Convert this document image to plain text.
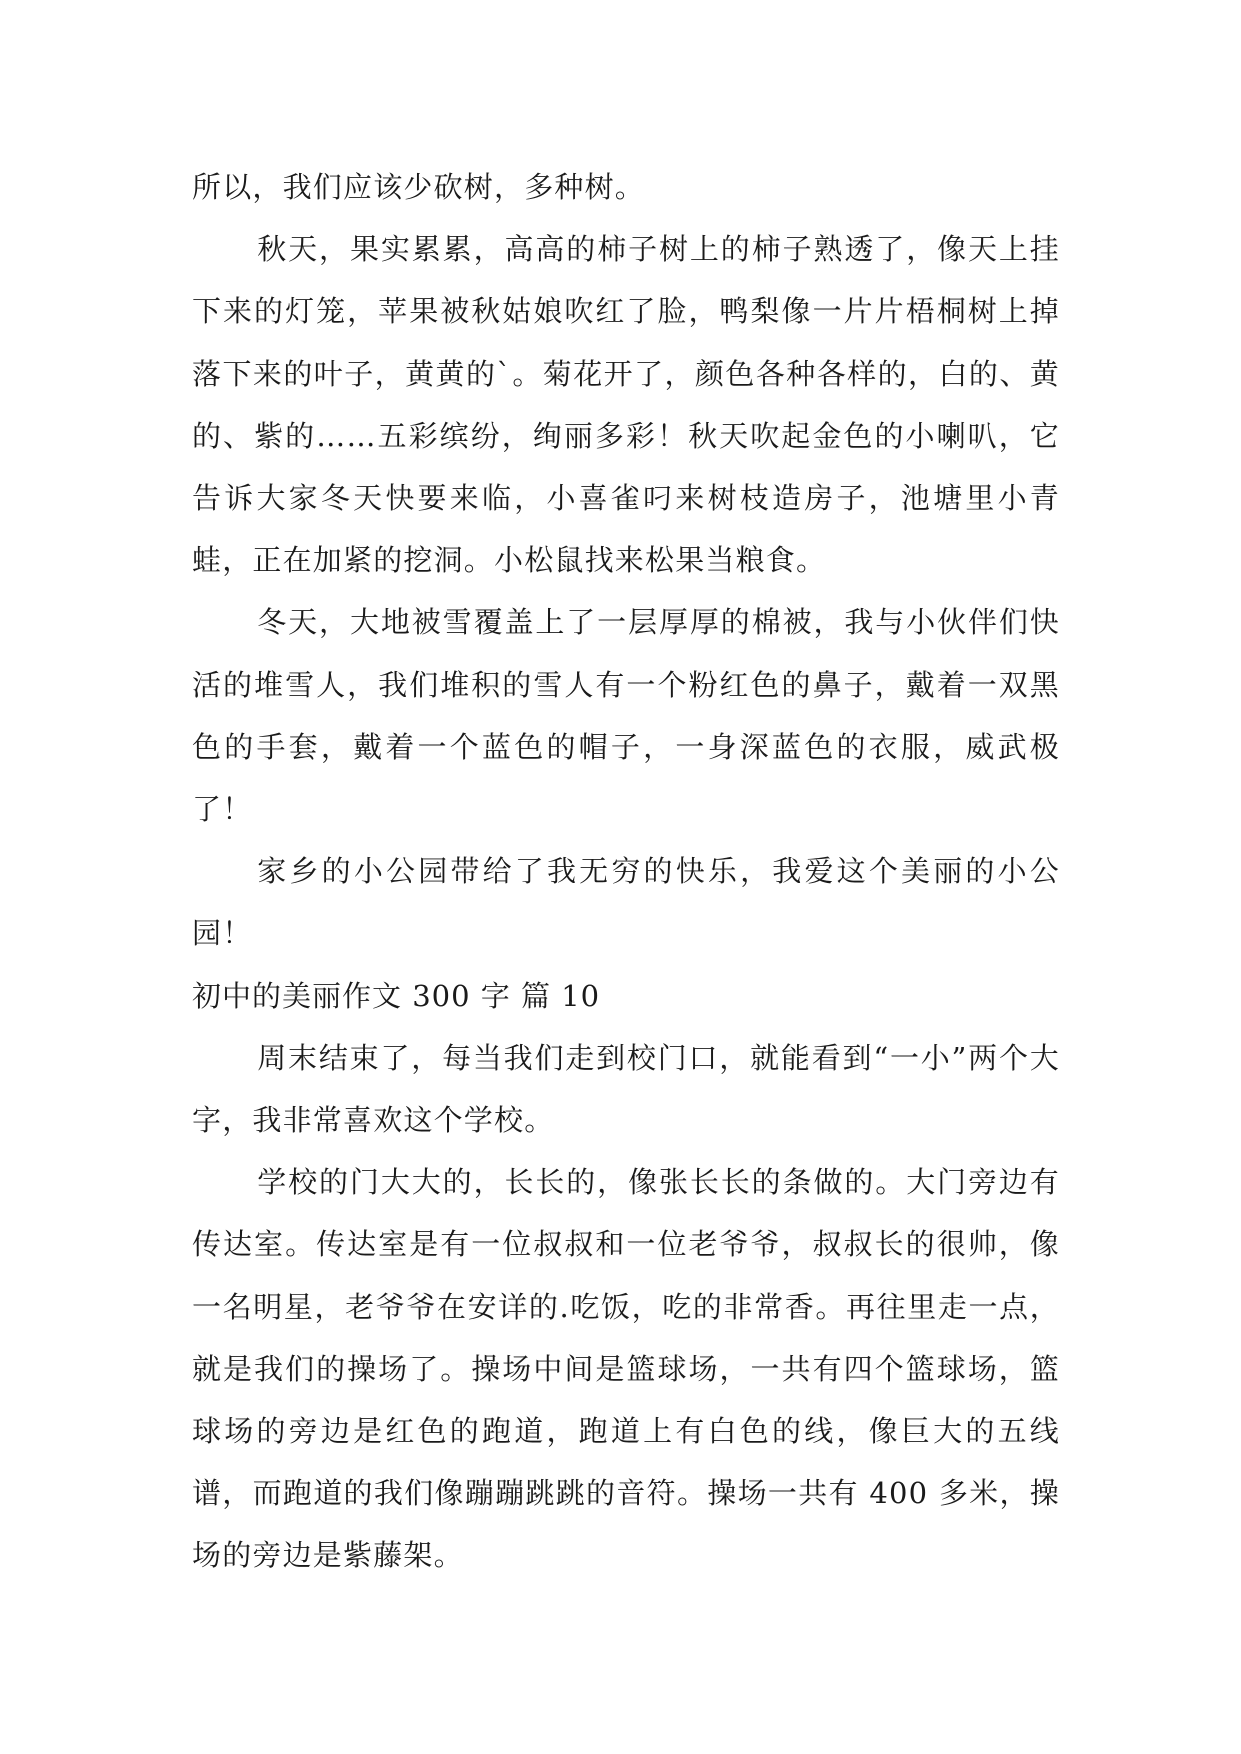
所以，我们应该少砍树，多种树。

秋天，果实累累，高高的柿子树上的柿子熟透了，像天上挂下来的灯笼，苹果被秋姑娘吹红了脸，鸭梨像一片片梧桐树上掉落下来的叶子，黄黄的`。菊花开了，颜色各种各样的，白的、黄的、紫的……五彩缤纷，绚丽多彩！秋天吹起金色的小喇叭，它告诉大家冬天快要来临，小喜雀叼来树枝造房子，池塘里小青蛙，正在加紧的挖洞。小松鼠找来松果当粮食。

冬天，大地被雪覆盖上了一层厚厚的棉被，我与小伙伴们快活的堆雪人，我们堆积的雪人有一个粉红色的鼻子，戴着一双黑色的手套，戴着一个蓝色的帽子，一身深蓝色的衣服，威武极了！

家乡的小公园带给了我无穷的快乐，我爱这个美丽的小公园！

初中的美丽作文 300 字 篇 10

周末结束了，每当我们走到校门口，就能看到“一小”两个大字，我非常喜欢这个学校。

学校的门大大的，长长的，像张长长的条做的。大门旁边有传达室。传达室是有一位叔叔和一位老爷爷，叔叔长的很帅，像一名明星，老爷爷在安详的.吃饭，吃的非常香。再往里走一点，就是我们的操场了。操场中间是篮球场，一共有四个篮球场，篮球场的旁边是红色的跑道，跑道上有白色的线，像巨大的五线谱，而跑道的我们像蹦蹦跳跳的音符。操场一共有 400 多米，操场的旁边是紫藤架。
